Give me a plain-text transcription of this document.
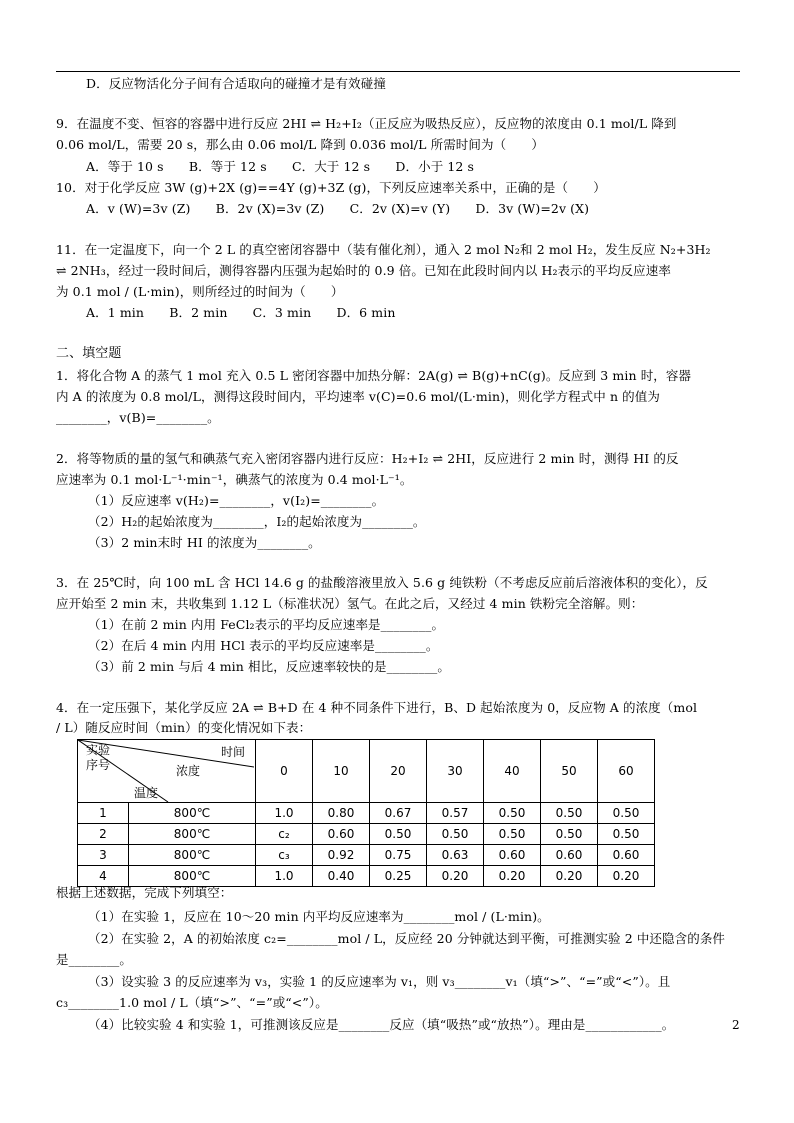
D．反应物活化分子间有合适取向的碰撞才是有效碰撞
9．在温度不变、恒容的容器中进行反应 2HI ⇌ H₂+I₂（正反应为吸热反应），反应物的浓度由 0.1 mol/L 降到
0.06 mol/L，需要 20 s，那么由 0.06 mol/L 降到 0.036 mol/L 所需时间为（　　）
A．等于 10 s　　B．等于 12 s　　C．大于 12 s　　D．小于 12 s
10．对于化学反应 3W (g)+2X (g)==4Y (g)+3Z (g)，下列反应速率关系中，正确的是（　　）
A．v (W)=3v (Z)　　B．2v (X)=3v (Z)　　C．2v (X)=v (Y)　　D．3v (W)=2v (X)
11．在一定温度下，向一个 2 L 的真空密闭容器中（装有催化剂），通入 2 mol N₂和 2 mol H₂，发生反应 N₂+3H₂
⇌ 2NH₃，经过一段时间后，测得容器内压强为起始时的 0.9 倍。已知在此段时间内以 H₂表示的平均反应速率
为 0.1 mol / (L·min)，则所经过的时间为（　　）
A．1 min　　B．2 min　　C．3 min　　D．6 min
二、填空题
1．将化合物 A 的蒸气 1 mol 充入 0.5 L 密闭容器中加热分解：2A(g) ⇌ B(g)+nC(g)。反应到 3 min 时，容器
内 A 的浓度为 0.8 mol/L，测得这段时间内，平均速率 v(C)=0.6 mol/(L·min)，则化学方程式中 n 的值为
________，v(B)=________。
2．将等物质的量的氢气和碘蒸气充入密闭容器内进行反应：H₂+I₂ ⇌ 2HI，反应进行 2 min 时，测得 HI 的反
应速率为 0.1 mol·L⁻¹·min⁻¹，碘蒸气的浓度为 0.4 mol·L⁻¹。
（1）反应速率 v(H₂)=________，v(I₂)=________。
（2）H₂的起始浓度为________，I₂的起始浓度为________。
（3）2 min末时 HI 的浓度为________。
3．在 25℃时，向 100 mL 含 HCl 14.6 g 的盐酸溶液里放入 5.6 g 纯铁粉（不考虑反应前后溶液体积的变化），反
应开始至 2 min 末，共收集到 1.12 L（标准状况）氢气。在此之后，又经过 4 min 铁粉完全溶解。则：
（1）在前 2 min 内用 FeCl₂表示的平均反应速率是________。
（2）在后 4 min 内用 HCl 表示的平均反应速率是________。
（3）前 2 min 与后 4 min 相比，反应速率较快的是________。
4．在一定压强下，某化学反应 2A ⇌ B+D 在 4 种不同条件下进行，B、D 起始浓度为 0，反应物 A 的浓度（mol
/ L）随反应时间（min）的变化情况如下表：
实验
序号
时间
浓度
温度		0	10	20	30	40	50	60
1	800℃	1.0	0.80	0.67	0.57	0.50	0.50	0.50
2	800℃	c₂	0.60	0.50	0.50	0.50	0.50	0.50
3	800℃	c₃	0.92	0.75	0.63	0.60	0.60	0.60
4	800℃	1.0	0.40	0.25	0.20	0.20	0.20	0.20
根据上述数据，完成下列填空：
（1）在实验 1，反应在 10～20 min 内平均反应速率为________mol / (L·min)。
（2）在实验 2，A 的初始浓度 c₂=________mol / L，反应经 20 分钟就达到平衡，可推测实验 2 中还隐含的条件
是________。
（3）设实验 3 的反应速率为 v₃，实验 1 的反应速率为 v₁，则 v₃________v₁（填“>”、“=”或“<”）。且
c₃________1.0 mol / L（填“>”、“=”或“<”）。
（4）比较实验 4 和实验 1，可推测该反应是________反应（填“吸热”或“放热”）。理由是____________。	2
